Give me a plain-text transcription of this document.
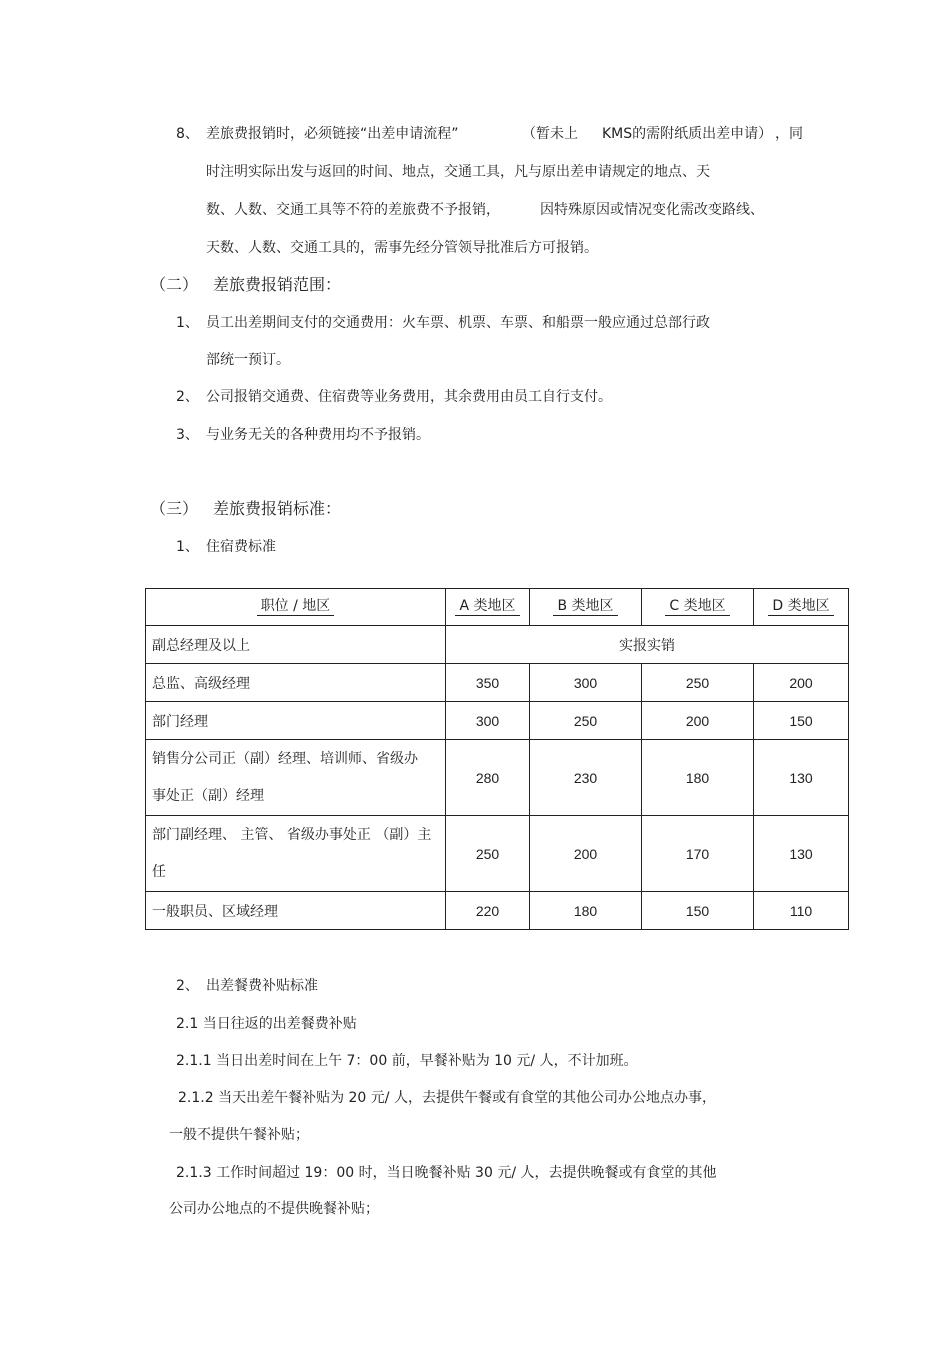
8、 差旅费报销时，必须链接“出差申请流程”	（暂未上 KMS的需附纸质出差申请） ，同
时注明实际出发与返回的时间、地点，交通工具，凡与原出差申请规定的地点、天
数、人数、交通工具等不符的差旅费不予报销，	因特殊原因或情况变化需改变路线、
天数、人数、交通工具的，需事先经分管领导批准后方可报销。
（二） 差旅费报销范围：
1、 员工出差期间支付的交通费用：火车票、机票、车票、和船票一般应通过总部行政
部统一预订。
2、 公司报销交通费、住宿费等业务费用，其余费用由员工自行支付。
3、 与业务无关的各种费用均不予报销。
（三） 差旅费报销标准：
1、 住宿费标准
职位 / 地区	A 类地区	B 类地区	C 类地区	D 类地区
副总经理及以上	实报实销			
总监、高级经理	350	300	250	200
部门经理	300	250	200	150

销售分公司正（副）经理、培训师、省级办事处正（副）经理	280	230	180	130

部门副经理、 主管、 省级办事处正 （副）主任	250	200	170	130
一般职员、区域经理	220	180	150	110
2、 出差餐费补贴标准
2.1 当日往返的出差餐费补贴
2.1.1 当日出差时间在上午 7：00 前，早餐补贴为 10 元/ 人，不计加班。
2.1.2 当天出差午餐补贴为 20 元/ 人，去提供午餐或有食堂的其他公司办公地点办事，
一般不提供午餐补贴；
2.1.3 工作时间超过 19：00 时，当日晚餐补贴 30 元/ 人，去提供晚餐或有食堂的其他
公司办公地点的不提供晚餐补贴；
